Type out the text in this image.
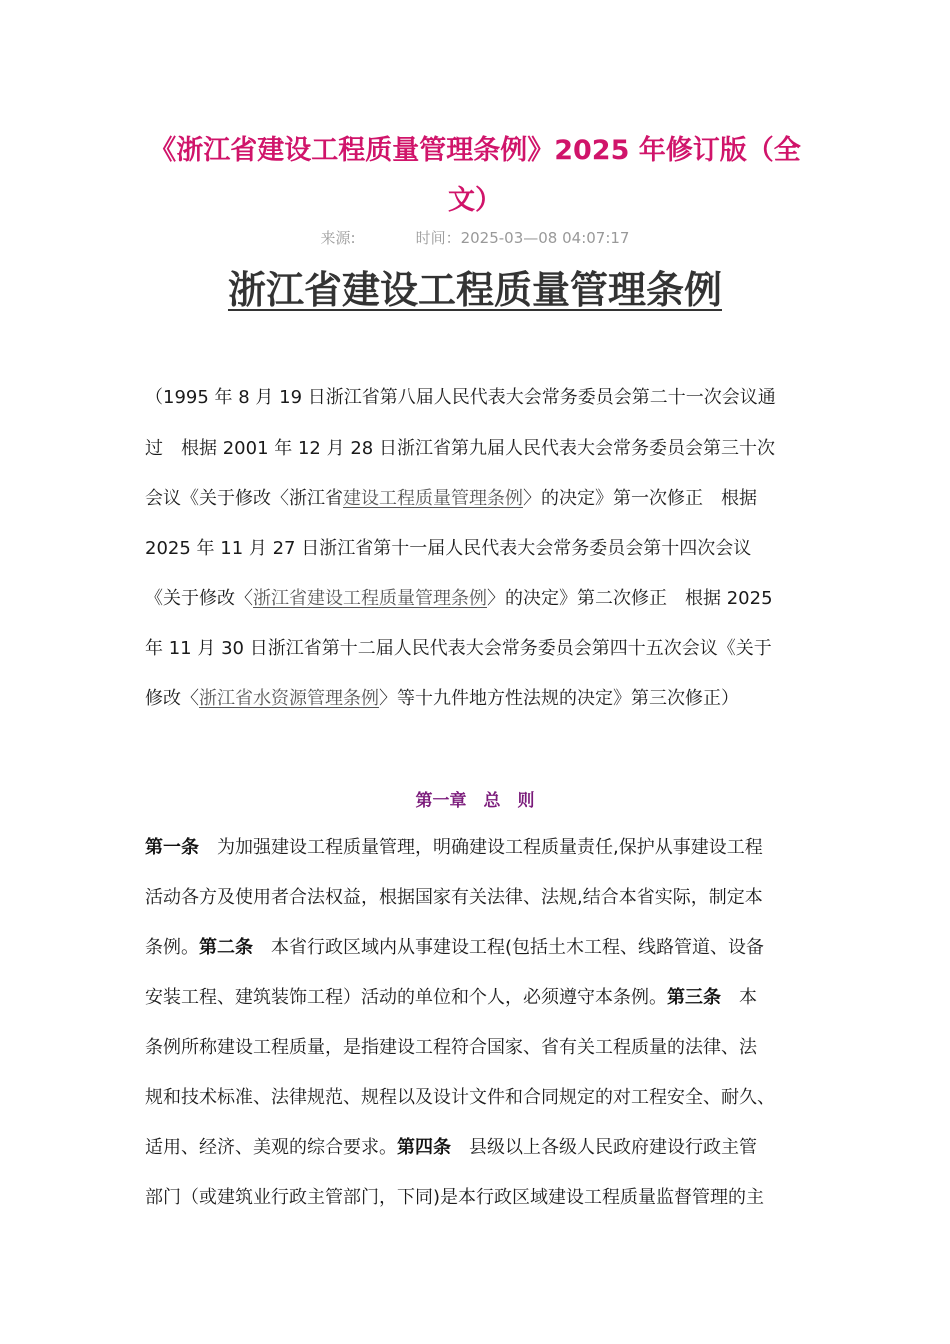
《浙江省建设工程质量管理条例》2025 年修订版（全
文）
来源:	时间：2025-03—08 04:07:17
浙江省建设工程质量管理条例
（1995 年 8 月 19 日浙江省第八届人民代表大会常务委员会第二十一次会议通
过　根据 2001 年 12 月 28 日浙江省第九届人民代表大会常务委员会第三十次
会议《关于修改〈浙江省建设工程质量管理条例〉的决定》第一次修正　根据
2025 年 11 月 27 日浙江省第十一届人民代表大会常务委员会第十四次会议
《关于修改〈浙江省建设工程质量管理条例〉的决定》第二次修正　根据 2025
年 11 月 30 日浙江省第十二届人民代表大会常务委员会第四十五次会议《关于
修改〈浙江省水资源管理条例〉等十九件地方性法规的决定》第三次修正）
第一章　总　则
第一条　为加强建设工程质量管理，明确建设工程质量责任,保护从事建设工程
活动各方及使用者合法权益，根据国家有关法律、法规,结合本省实际，制定本
条例。第二条　本省行政区域内从事建设工程(包括土木工程、线路管道、设备
安装工程、建筑装饰工程）活动的单位和个人，必须遵守本条例。第三条　本
条例所称建设工程质量，是指建设工程符合国家、省有关工程质量的法律、法
规和技术标准、法律规范、规程以及设计文件和合同规定的对工程安全、耐久、
适用、经济、美观的综合要求。第四条　县级以上各级人民政府建设行政主管
部门（或建筑业行政主管部门，下同)是本行政区域建设工程质量监督管理的主
